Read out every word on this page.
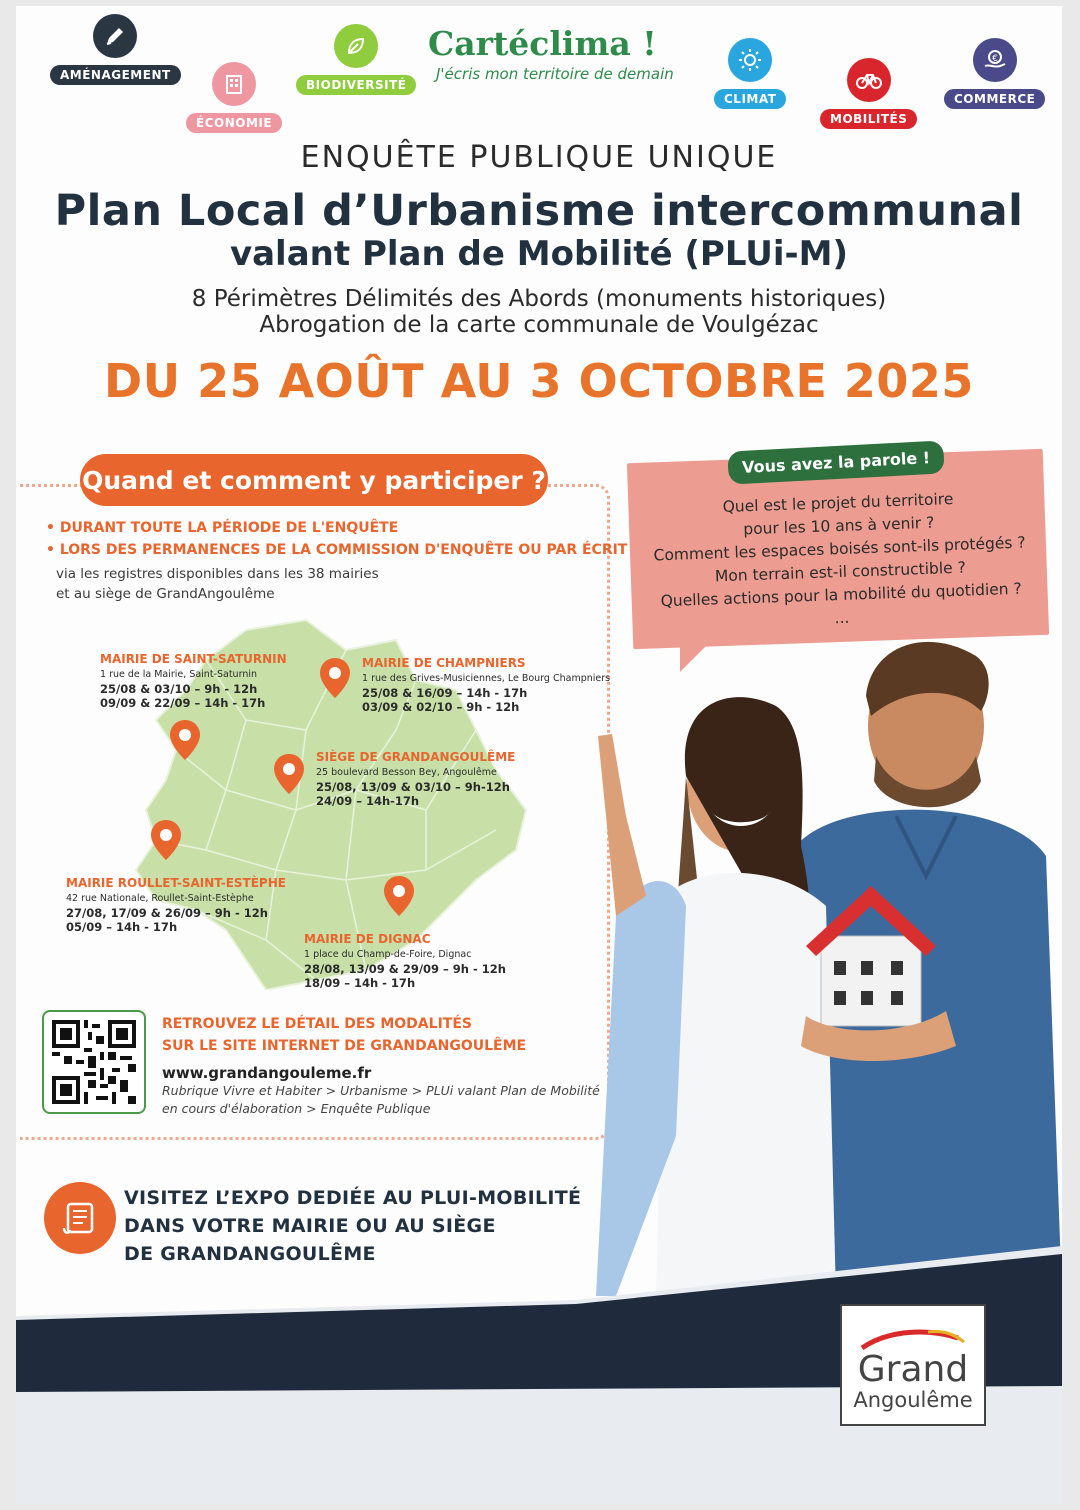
AMÉNAGEMENT
ÉCONOMIE
BIODIVERSITÉ
Cartéclima !
J'écris mon territoire de demain
CLIMAT
MOBILITÉS
€
COMMERCE
ENQUÊTE PUBLIQUE UNIQUE
Plan Local d’Urbanisme intercommunal
valant Plan de Mobilité (PLUi-M)
8 Périmètres Délimités des Abords (monuments historiques)
Abrogation de la carte communale de Voulgézac
DU 25 AOÛT AU 3 OCTOBRE 2025
Quand et comment y participer ?
• DURANT TOUTE LA PÉRIODE DE L'ENQUÊTE
• LORS DES PERMANENCES DE LA COMMISSION D'ENQUÊTE OU PAR ÉCRIT
via les registres disponibles dans les 38 mairies
et au siège de GrandAngoulême
MAIRIE DE SAINT-SATURNIN
1 rue de la Mairie, Saint-Saturnin
25/08 & 03/10 – 9h - 12h
09/09 & 22/09 – 14h - 17h
MAIRIE DE CHAMPNIERS
1 rue des Grives-Musiciennes, Le Bourg Champniers
25/08 & 16/09 – 14h - 17h
03/09 & 02/10 – 9h - 12h
SIÈGE DE GRANDANGOULÊME
25 boulevard Besson Bey, Angoulême
25/08, 13/09 & 03/10 – 9h-12h
24/09 – 14h-17h
MAIRIE ROULLET-SAINT-ESTÈPHE
42 rue Nationale, Roullet-Saint-Estèphe
27/08, 17/09 & 26/09 – 9h - 12h
05/09 – 14h - 17h
MAIRIE DE DIGNAC
1 place du Champ-de-Foire, Dignac
28/08, 13/09 & 29/09 – 9h - 12h
18/09 – 14h - 17h
RETROUVEZ LE DÉTAIL DES MODALITÉS
SUR LE SITE INTERNET DE GRANDANGOULÊME
www.grandangouleme.fr
Rubrique Vivre et Habiter > Urbanisme > PLUi valant Plan de Mobilité
en cours d'élaboration > Enquête Publique
VISITEZ L’EXPO DEDIÉE AU PLUI-MOBILITÉ
DANS VOTRE MAIRIE OU AU SIÈGE
DE GRANDANGOULÊME
Vous avez la parole !
Quel est le projet du territoire
pour les 10 ans à venir ?
Comment les espaces boisés sont-ils protégés ?
Mon terrain est-il constructible ?
Quelles actions pour la mobilité du quotidien ?
...
Grand
Angoulême
